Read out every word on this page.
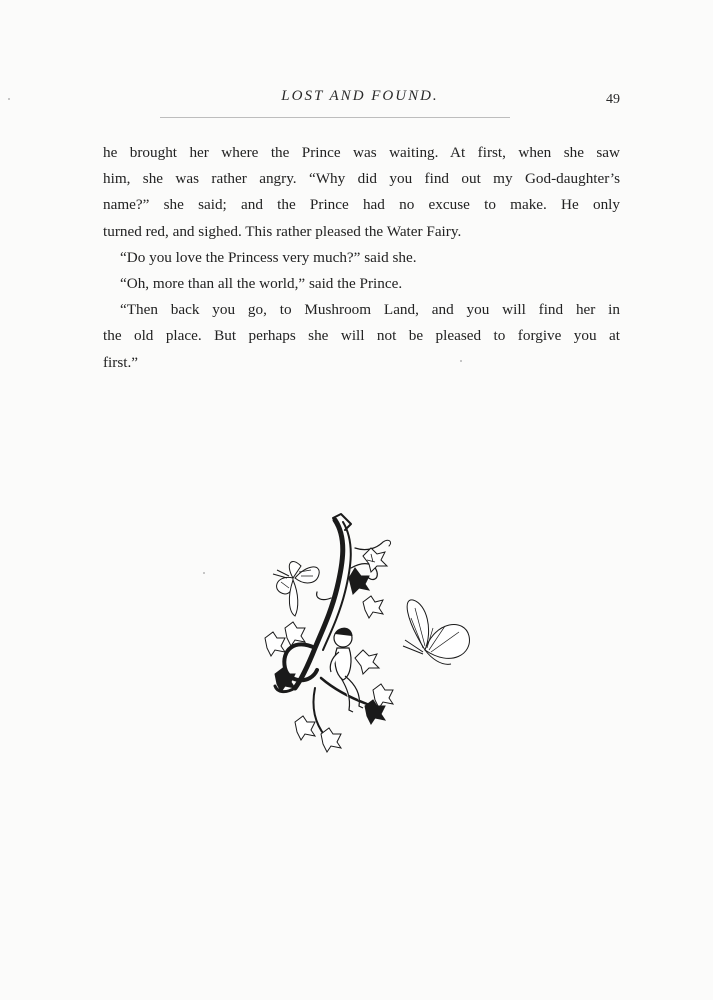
LOST AND FOUND.	49
he brought her where the Prince was waiting. At first, when she saw
him, she was rather angry. “Why did you find out my God-daughter’s
name?” she said; and the Prince had no excuse to make. He only
turned red, and sighed. This rather pleased the Water Fairy.
“Do you love the Princess very much?” said she.
“Oh, more than all the world,” said the Prince.
“Then back you go, to Mushroom Land, and you will find her in
the old place. But perhaps she will not be pleased to forgive you at
first.”
